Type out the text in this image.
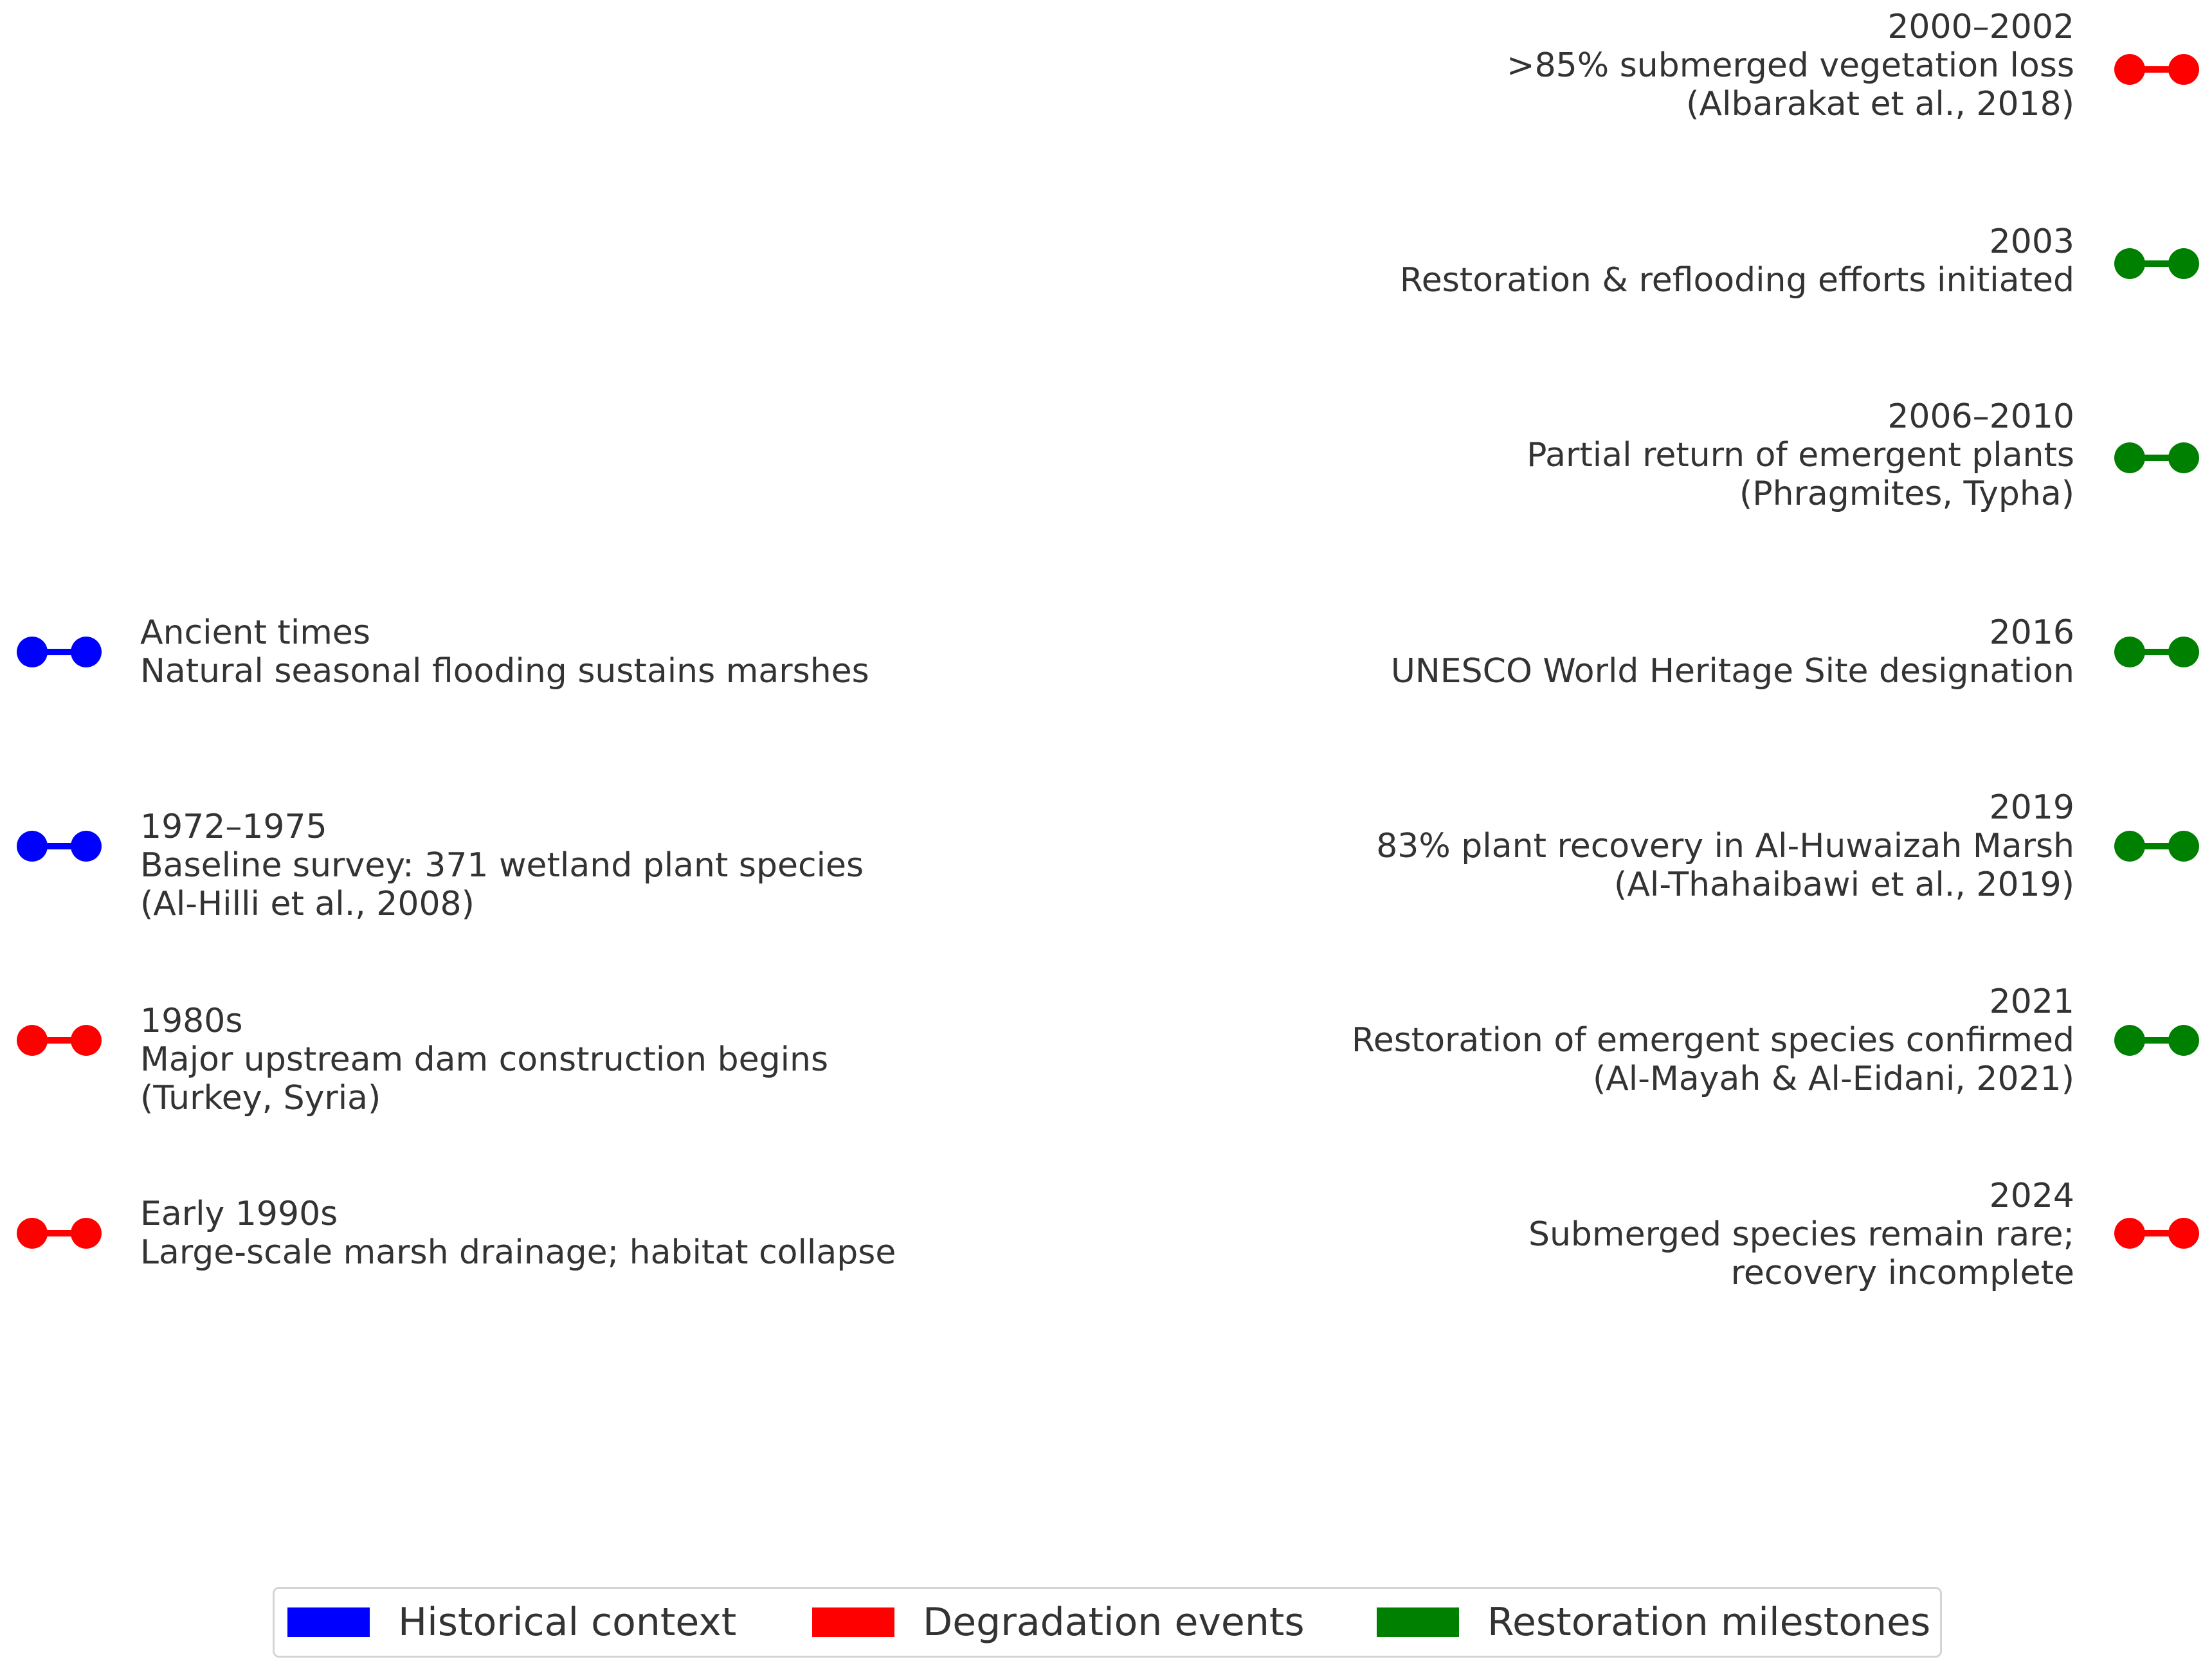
Ancient times
Natural seasonal flooding sustains marshes
1972–1975
Baseline survey: 371 wetland plant species
(Al-Hilli et al., 2008)
1980s
Major upstream dam construction begins
(Turkey, Syria)
Early 1990s
Large-scale marsh drainage; habitat collapse
2000–2002
>85% submerged vegetation loss
(Albarakat et al., 2018)
2003
Restoration & reflooding efforts initiated
2006–2010
Partial return of emergent plants
(Phragmites, Typha)
2016
UNESCO World Heritage Site designation
2019
83% plant recovery in Al-Huwaizah Marsh
(Al-Thahaibawi et al., 2019)
2021
Restoration of emergent species confirmed
(Al-Mayah & Al-Eidani, 2021)
2024
Submerged species remain rare;
recovery incomplete
Historical context	Degradation events	Restoration milestones
